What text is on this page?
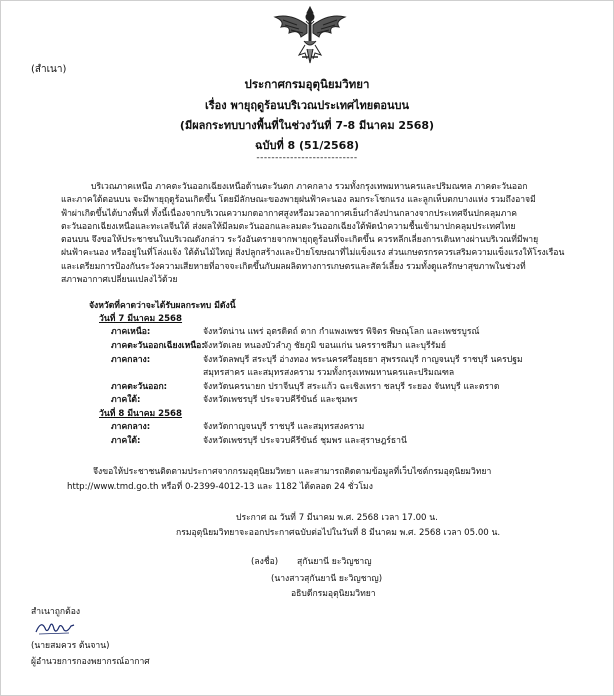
(สำเนา)
ประกาศกรมอุตุนิยมวิทยา
เรื่อง พายุฤดูร้อนบริเวณประเทศไทยตอนบน
(มีผลกระทบบางพื้นที่ในช่วงวันที่ 7-8 มีนาคม 2568)
ฉบับที่ 8 (51/2568)
---------------------------
บริเวณภาคเหนือ ภาคตะวันออกเฉียงเหนือด้านตะวันตก ภาคกลาง รวมทั้งกรุงเทพมหานครและปริมณฑล ภาคตะวันออก
และภาคใต้ตอนบน จะมีพายุฤดูร้อนเกิดขึ้น โดยมีลักษณะของพายุฝนฟ้าคะนอง ลมกระโชกแรง และลูกเห็บตกบางแห่ง รวมถึงอาจมี
ฟ้าผ่าเกิดขึ้นได้บางพื้นที่ ทั้งนี้เนื่องจากบริเวณความกดอากาศสูงหรือมวลอากาศเย็นกำลังปานกลางจากประเทศจีนปกคลุมภาค
ตะวันออกเฉียงเหนือและทะเลจีนใต้ ส่งผลให้มีลมตะวันออกและลมตะวันออกเฉียงใต้พัดนำความชื้นเข้ามาปกคลุมประเทศไทย
ตอนบน จึงขอให้ประชาชนในบริเวณดังกล่าว ระวังอันตรายจากพายุฤดูร้อนที่จะเกิดขึ้น ควรหลีกเลี่ยงการเดินทางผ่านบริเวณที่มีพายุ
ฝนฟ้าคะนอง หรืออยู่ในที่โล่งแจ้ง ใต้ต้นไม้ใหญ่ สิ่งปลูกสร้างและป้ายโฆษณาที่ไม่แข็งแรง ส่วนเกษตรกรควรเสริมความแข็งแรงให้โรงเรือน
และเตรียมการป้องกันระวังความเสียหายที่อาจจะเกิดขึ้นกับผลผลิตทางการเกษตรและสัตว์เลี้ยง รวมทั้งดูแลรักษาสุขภาพในช่วงที่
สภาพอากาศเปลี่ยนแปลงไว้ด้วย
จังหวัดที่คาดว่าจะได้รับผลกระทบ มีดังนี้
วันที่ 7 มีนาคม 2568
ภาคเหนือ:	จังหวัดน่าน แพร่ อุตรดิตถ์ ตาก กำแพงเพชร พิจิตร พิษณุโลก และเพชรบูรณ์
ภาคตะวันออกเฉียงเหนือ:
จังหวัดเลย หนองบัวลำภู ชัยภูมิ ขอนแก่น นครราชสีมา และบุรีรัมย์
ภาคกลาง:	จังหวัดลพบุรี สระบุรี อ่างทอง พระนครศรีอยุธยา สุพรรณบุรี กาญจนบุรี ราชบุรี นครปฐม
สมุทรสาคร และสมุทรสงคราม รวมทั้งกรุงเทพมหานครและปริมณฑล
ภาคตะวันออก:	จังหวัดนครนายก ปราจีนบุรี สระแก้ว ฉะเชิงเทรา ชลบุรี ระยอง จันทบุรี และตราด
ภาคใต้:	จังหวัดเพชรบุรี ประจวบคีรีขันธ์ และชุมพร
วันที่ 8 มีนาคม 2568
ภาคกลาง:	จังหวัดกาญจนบุรี ราชบุรี และสมุทรสงคราม
ภาคใต้:	จังหวัดเพชรบุรี ประจวบคีรีขันธ์ ชุมพร และสุราษฎร์ธานี
จึงขอให้ประชาชนติดตามประกาศจากกรมอุตุนิยมวิทยา และสามารถติดตามข้อมูลที่เว็บไซต์กรมอุตุนิยมวิทยา
http://www.tmd.go.th หรือที่ 0-2399-4012-13 และ 1182 ได้ตลอด 24 ชั่วโมง
ประกาศ ณ วันที่ 7 มีนาคม พ.ศ. 2568 เวลา 17.00 น.
กรมอุตุนิยมวิทยาจะออกประกาศฉบับต่อไปในวันที่ 8 มีนาคม พ.ศ. 2568 เวลา 05.00 น.
(ลงชื่อ) สุกันยานี ยะวิญชาญ
(นางสาวสุกันยานี ยะวิญชาญ)
อธิบดีกรมอุตุนิยมวิทยา
สำเนาถูกต้อง
(นายสมควร ต้นจาน)
ผู้อำนวยการกองพยากรณ์อากาศ
